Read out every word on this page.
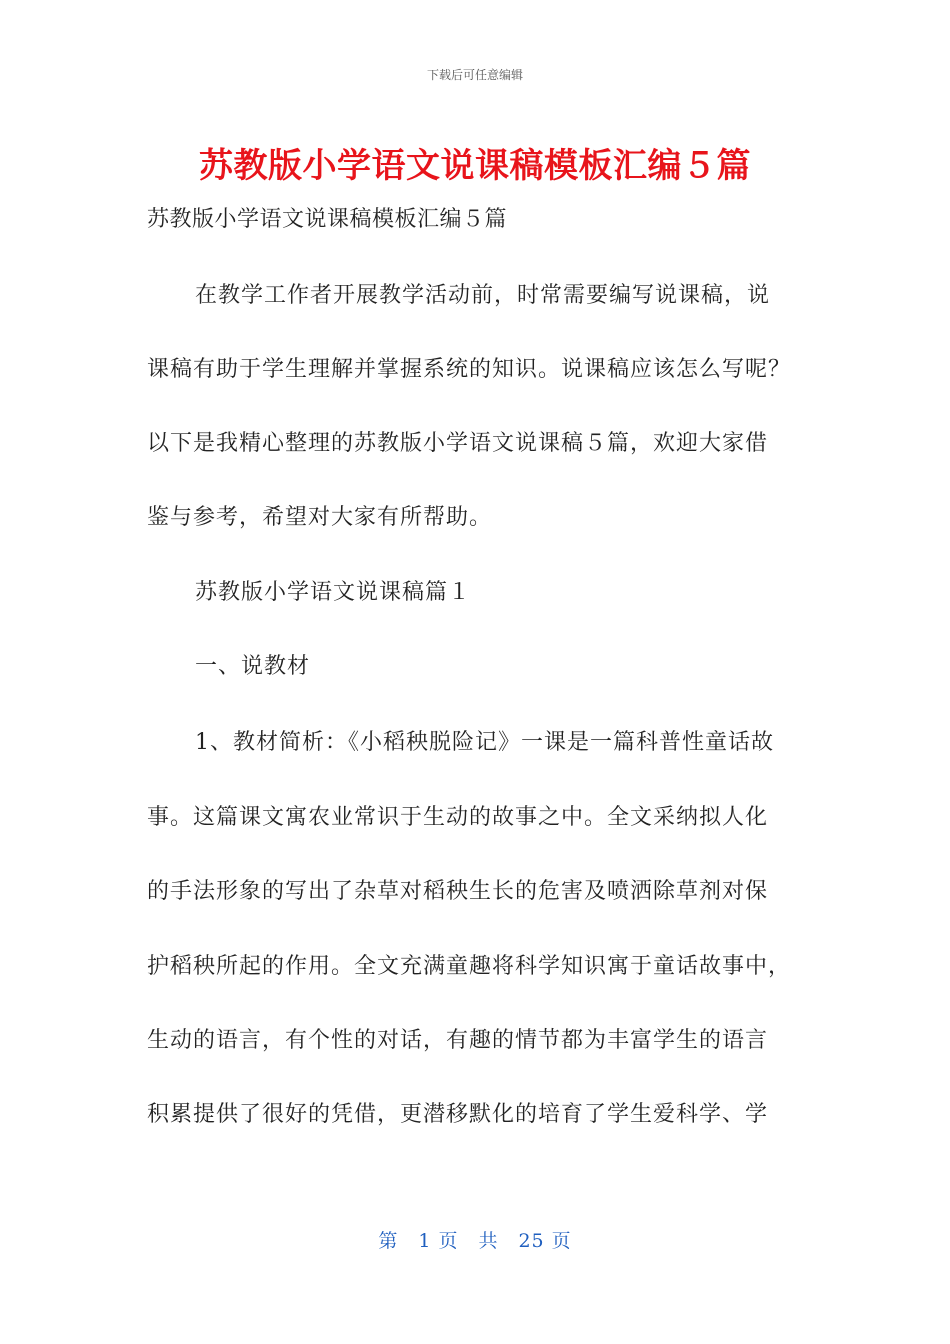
下载后可任意编辑
苏教版小学语文说课稿模板汇编５篇
苏教版小学语文说课稿模板汇编５篇
在教学工作者开展教学活动前，时常需要编写说课稿，说
课稿有助于学生理解并掌握系统的知识。说课稿应该怎么写呢？
以下是我精心整理的苏教版小学语文说课稿５篇，欢迎大家借
鉴与参考，希望对大家有所帮助。
苏教版小学语文说课稿篇１
一、说教材
1、教材简析：《小稻秧脱险记》一课是一篇科普性童话故
事。这篇课文寓农业常识于生动的故事之中。全文采纳拟人化
的手法形象的写出了杂草对稻秧生长的危害及喷洒除草剂对保
护稻秧所起的作用。全文充满童趣将科学知识寓于童话故事中，
生动的语言，有个性的对话，有趣的情节都为丰富学生的语言
积累提供了很好的凭借，更潜移默化的培育了学生爱科学、学
第　1 页　共　25 页
